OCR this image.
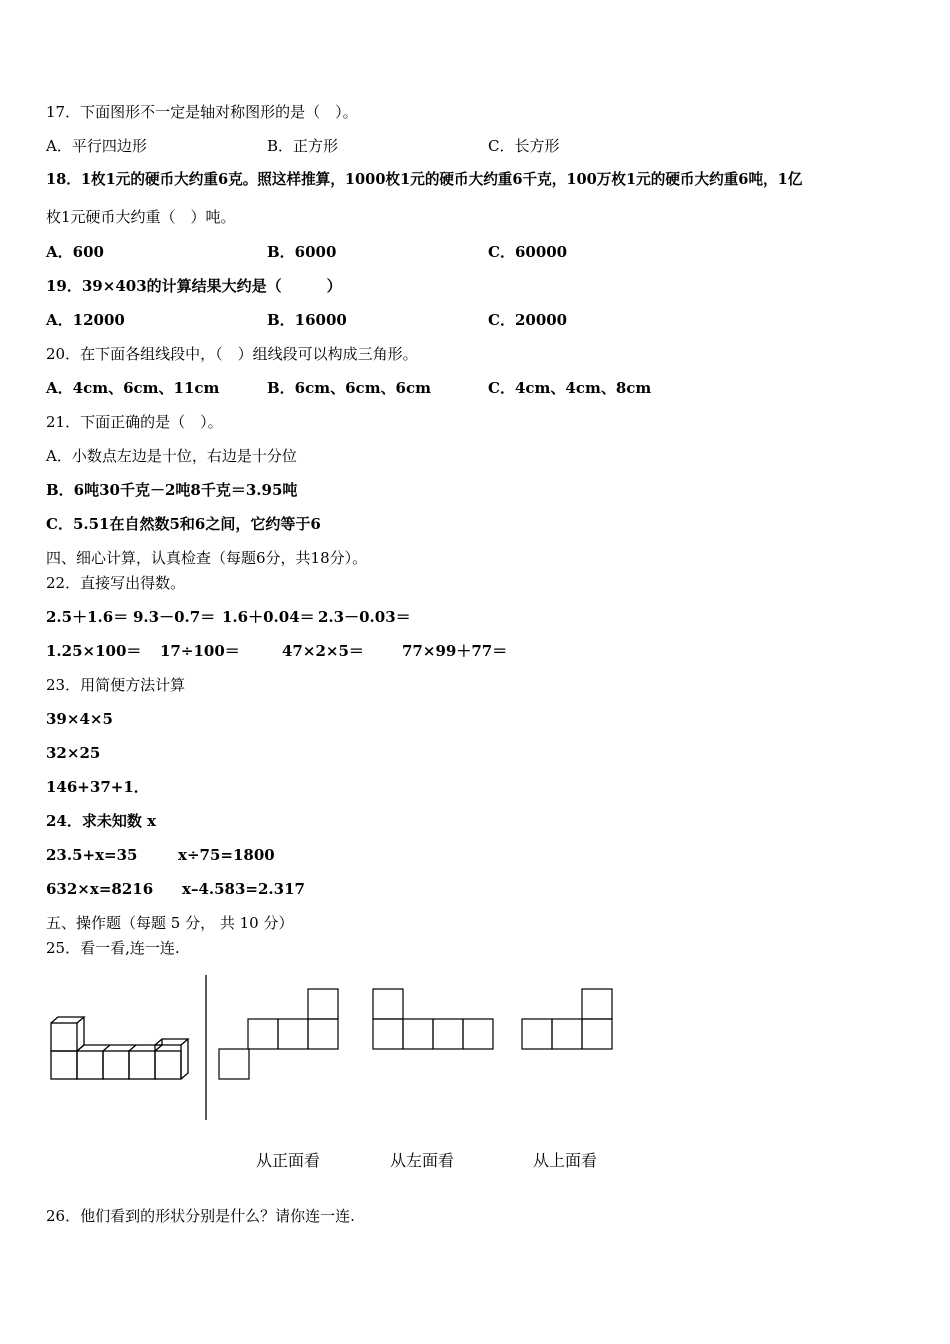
17．下面图形不一定是轴对称图形的是（　）。
A．平行四边形	B．正方形	C．长方形
18．1枚1元的硬币大约重6克。照这样推算，1000枚1元的硬币大约重6千克，100万枚1元的硬币大约重6吨，1亿
枚1元硬币大约重（　）吨。
A．600	B．6000	C．60000
19．39×403的计算结果大约是（　　　）
A．12000	B．16000	C．20000
20．在下面各组线段中，（　）组线段可以构成三角形。
A．4cm、6cm、11cm	B．6cm、6cm、6cm	C．4cm、4cm、8cm
21．下面正确的是（　）。
A．小数点左边是十位，右边是十分位
B．6吨30千克－2吨8千克＝3.95吨
C．5.51在自然数5和6之间，它约等于6
四、细心计算，认真检查（每题6分，共18分）。
22．直接写出得数。
2.5＋1.6＝ 9.3－0.7＝ 1.6＋0.04＝ 2.3－0.03＝
1.25×100＝ 17÷100＝	47×2×5＝	77×99＋77＝
23．用简便方法计算
39×4×5
32×25
146+37+1．
24．求未知数 x
23.5+x=35	x÷75=1800
632×x=8216 x–4.583=2.317
五、操作题（每题 5 分， 共 10 分）
25．看一看,连一连.
从正面看	从左面看	从上面看
26．他们看到的形状分别是什么？请你连一连.
